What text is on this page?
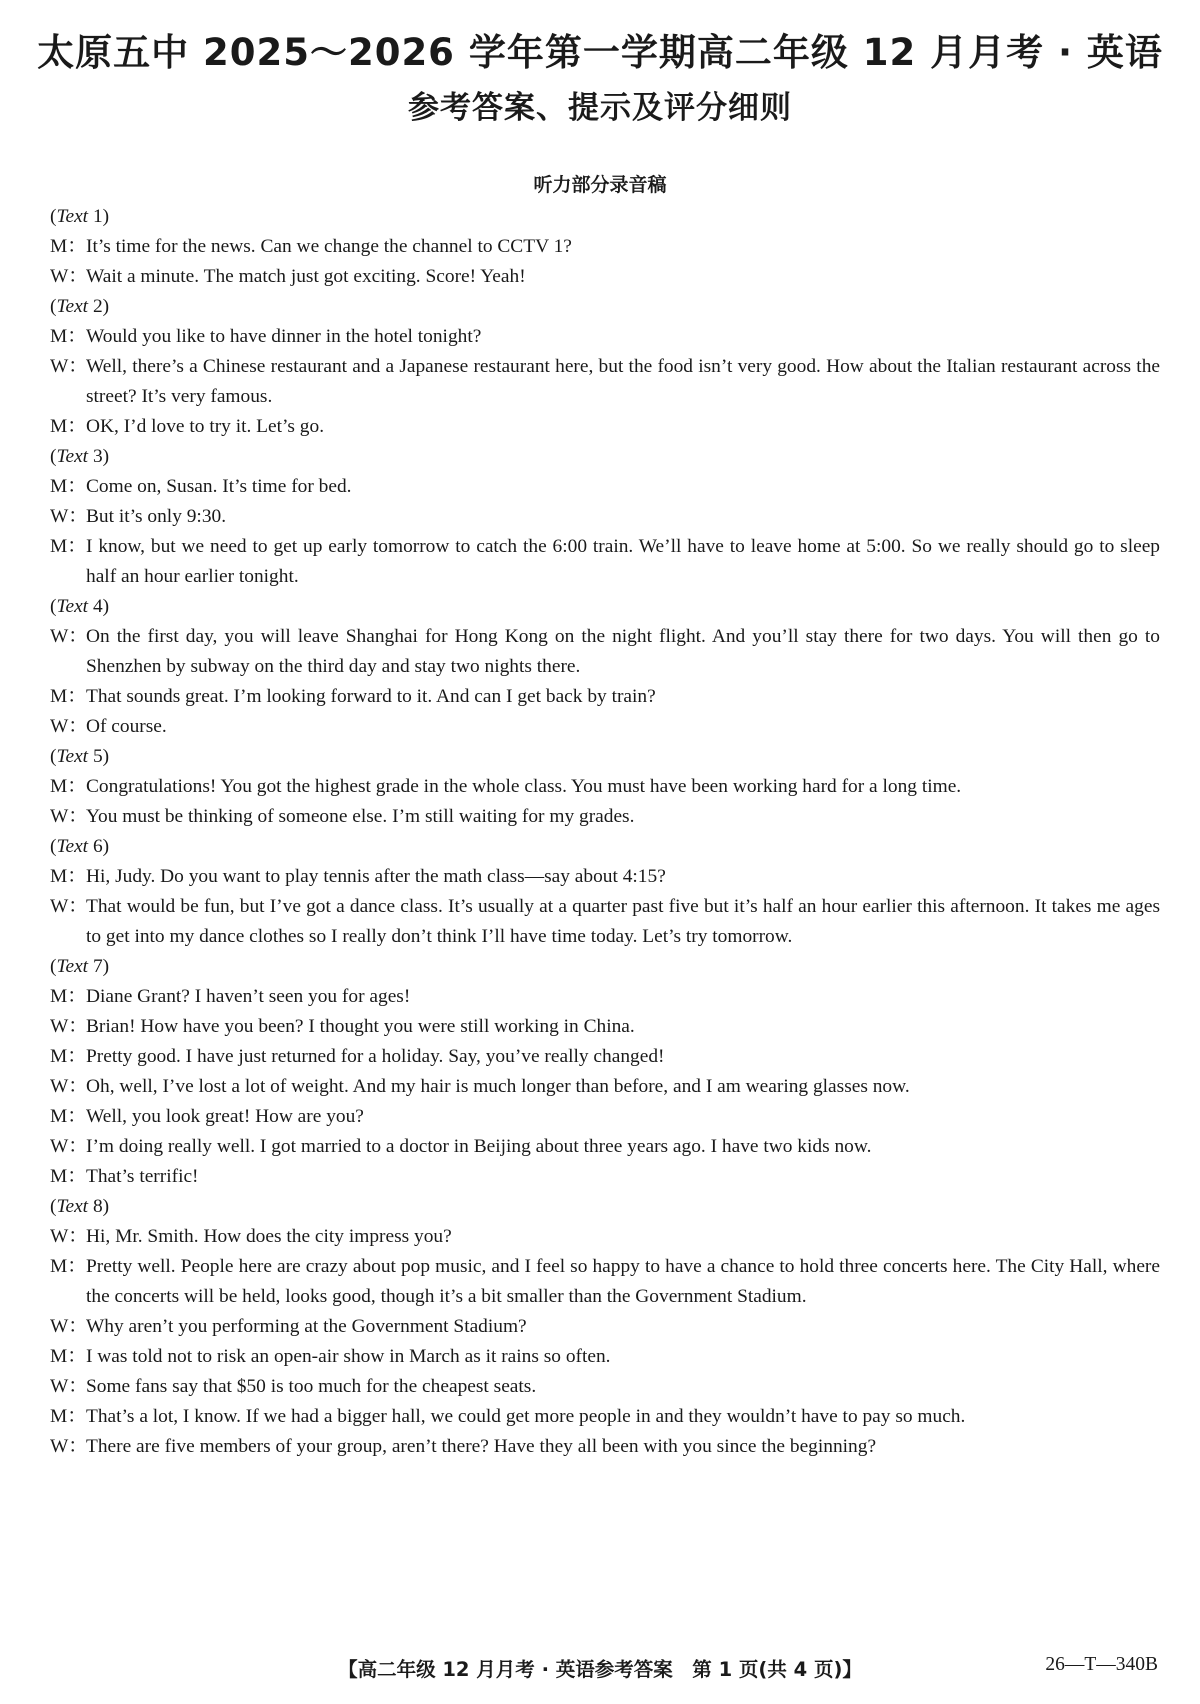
太原五中 2025～2026 学年第一学期高二年级 12 月月考 · 英语
参考答案、提示及评分细则
听力部分录音稿
(Text 1)
M：It’s time for the news. Can we change the channel to CCTV 1?
W：Wait a minute. The match just got exciting. Score! Yeah!
(Text 2)
M：Would you like to have dinner in the hotel tonight?
W：Well, there’s a Chinese restaurant and a Japanese restaurant here, but the food isn’t very good. How about the Italian restaurant across the street? It’s very famous.
M：OK, I’d love to try it. Let’s go.
(Text 3)
M：Come on, Susan. It’s time for bed.
W：But it’s only 9:30.
M：I know, but we need to get up early tomorrow to catch the 6:00 train. We’ll have to leave home at 5:00. So we really should go to sleep half an hour earlier tonight.
(Text 4)
W：On the first day, you will leave Shanghai for Hong Kong on the night flight. And you’ll stay there for two days. You will then go to Shenzhen by subway on the third day and stay two nights there.
M：That sounds great. I’m looking forward to it. And can I get back by train?
W：Of course.
(Text 5)
M：Congratulations! You got the highest grade in the whole class. You must have been working hard for a long time.
W：You must be thinking of someone else. I’m still waiting for my grades.
(Text 6)
M：Hi, Judy. Do you want to play tennis after the math class—say about 4:15?
W：That would be fun, but I’ve got a dance class. It’s usually at a quarter past five but it’s half an hour earlier this afternoon. It takes me ages to get into my dance clothes so I really don’t think I’ll have time today. Let’s try tomorrow.
(Text 7)
M：Diane Grant? I haven’t seen you for ages!
W：Brian! How have you been? I thought you were still working in China.
M：Pretty good. I have just returned for a holiday. Say, you’ve really changed!
W：Oh, well, I’ve lost a lot of weight. And my hair is much longer than before, and I am wearing glasses now.
M：Well, you look great! How are you?
W：I’m doing really well. I got married to a doctor in Beijing about three years ago. I have two kids now.
M：That’s terrific!
(Text 8)
W：Hi, Mr. Smith. How does the city impress you?
M：Pretty well. People here are crazy about pop music, and I feel so happy to have a chance to hold three concerts here. The City Hall, where the concerts will be held, looks good, though it’s a bit smaller than the Government Stadium.
W：Why aren’t you performing at the Government Stadium?
M：I was told not to risk an open-air show in March as it rains so often.
W：Some fans say that $50 is too much for the cheapest seats.
M：That’s a lot, I know. If we had a bigger hall, we could get more people in and they wouldn’t have to pay so much.
W：There are five members of your group, aren’t there? Have they all been with you since the beginning?
【高二年级 12 月月考 · 英语参考答案　第 1 页(共 4 页)】	26—T—340B
